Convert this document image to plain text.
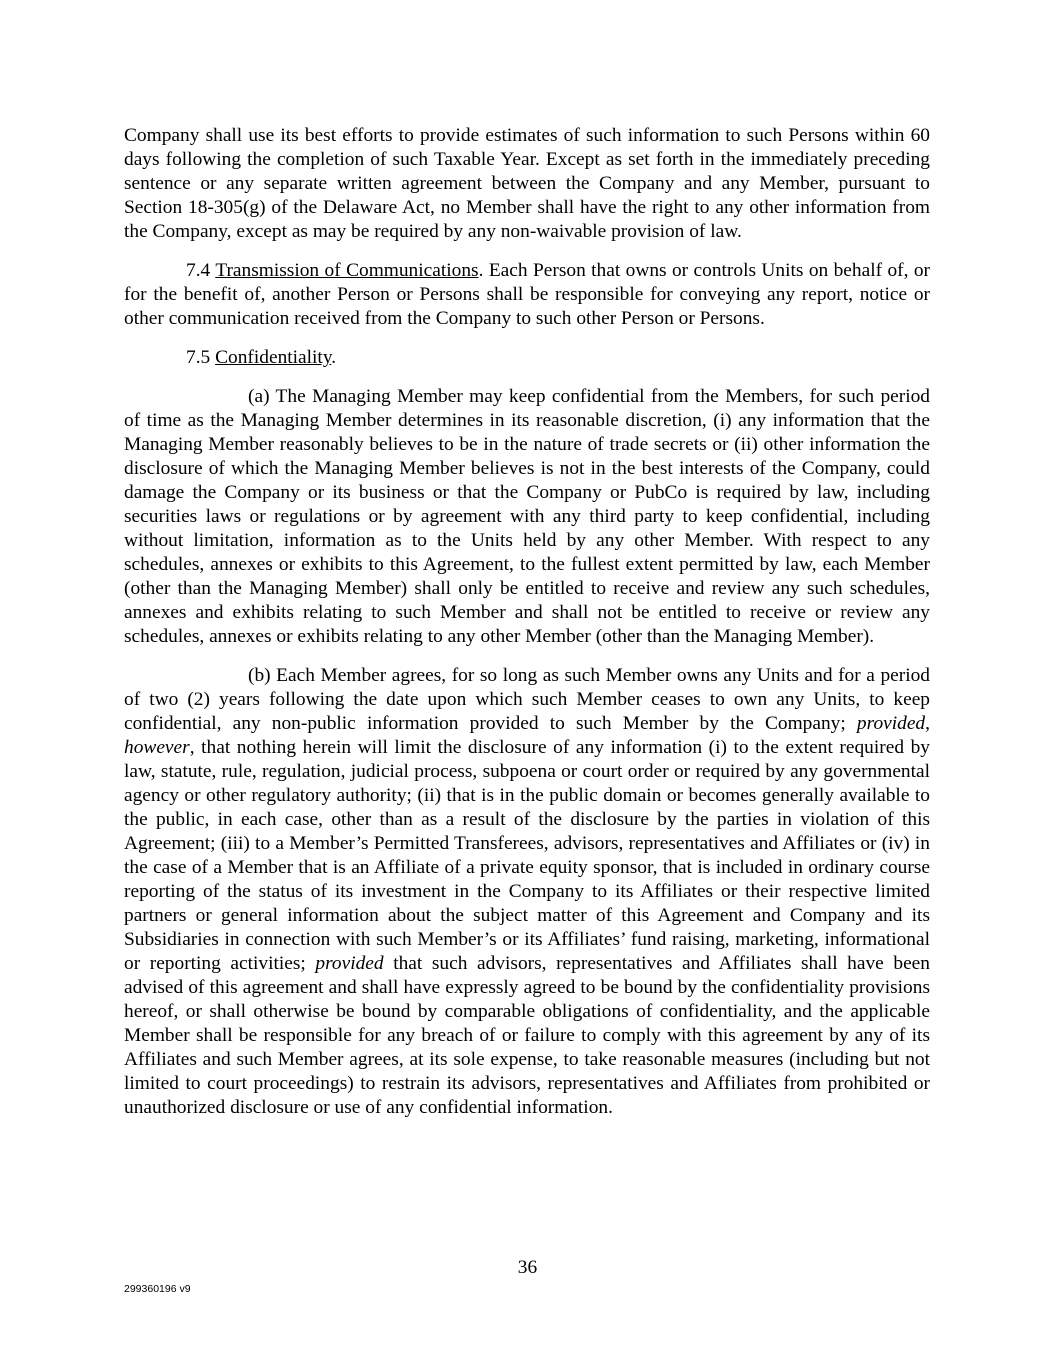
Company shall use its best efforts to provide estimates of such information to such Persons within 60 days following the completion of such Taxable Year. Except as set forth in the immediately preceding sentence or any separate written agreement between the Company and any Member, pursuant to Section 18-305(g) of the Delaware Act, no Member shall have the right to any other information from the Company, except as may be required by any non-waivable provision of law.

7.4 Transmission of Communications. Each Person that owns or controls Units on behalf of, or for the benefit of, another Person or Persons shall be responsible for conveying any report, notice or other communication received from the Company to such other Person or Persons.

7.5 Confidentiality.

(a) The Managing Member may keep confidential from the Members, for such period of time as the Managing Member determines in its reasonable discretion, (i) any information that the Managing Member reasonably believes to be in the nature of trade secrets or (ii) other information the disclosure of which the Managing Member believes is not in the best interests of the Company, could damage the Company or its business or that the Company or PubCo is required by law, including securities laws or regulations or by agreement with any third party to keep confidential, including without limitation, information as to the Units held by any other Member. With respect to any schedules, annexes or exhibits to this Agreement, to the fullest extent permitted by law, each Member (other than the Managing Member) shall only be entitled to receive and review any such schedules, annexes and exhibits relating to such Member and shall not be entitled to receive or review any schedules, annexes or exhibits relating to any other Member (other than the Managing Member).

(b) Each Member agrees, for so long as such Member owns any Units and for a period of two (2) years following the date upon which such Member ceases to own any Units, to keep confidential, any non-public information provided to such Member by the Company; provided, however, that nothing herein will limit the disclosure of any information (i) to the extent required by law, statute, rule, regulation, judicial process, subpoena or court order or required by any governmental agency or other regulatory authority; (ii) that is in the public domain or becomes generally available to the public, in each case, other than as a result of the disclosure by the parties in violation of this Agreement; (iii) to a Member’s Permitted Transferees, advisors, representatives and Affiliates or (iv) in the case of a Member that is an Affiliate of a private equity sponsor, that is included in ordinary course reporting of the status of its investment in the Company to its Affiliates or their respective limited partners or general information about the subject matter of this Agreement and Company and its Subsidiaries in connection with such Member’s or its Affiliates’ fund raising, marketing, informational or reporting activities; provided that such advisors, representatives and Affiliates shall have been advised of this agreement and shall have expressly agreed to be bound by the confidentiality provisions hereof, or shall otherwise be bound by comparable obligations of confidentiality, and the applicable Member shall be responsible for any breach of or failure to comply with this agreement by any of its Affiliates and such Member agrees, at its sole expense, to take reasonable measures (including but not limited to court proceedings) to restrain its advisors, representatives and Affiliates from prohibited or unauthorized disclosure or use of any confidential information.

36
299360196 v9
